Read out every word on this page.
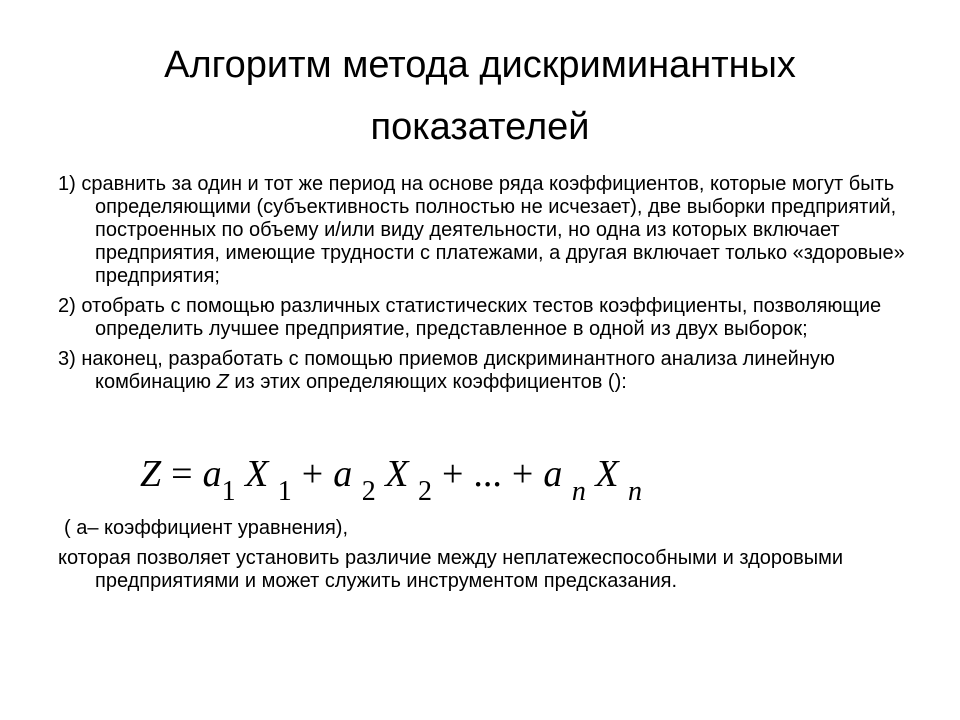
Алгоритм метода дискриминантных
показателей

1) сравнить за один и тот же период на основе ряда коэффициентов, которые могут быть определяющими (субъективность полностью не исчезает), две выборки предприятий, построенных по объему и/или виду деятельности, но одна из которых включает предприятия, имеющие трудности с платежами, а другая включает только «здоровые» предприятия;

2) отобрать с помощью различных статистических тестов коэффициенты, позволяющие определить лучшее предприятие, представленное в одной из двух выборок;

3) наконец, разработать с помощью приемов дискриминантного анализа линейную комбинацию Z из этих определяющих коэффициентов ():

$Z = a_1$ X $_1$ + a $_2$ X $_2$ + ... + a $_n$ X $_n$
( а– коэффициент уравнения),
которая позволяет установить различие между неплатежеспособными и здоровыми предприятиями и может служить инструментом предсказания.
